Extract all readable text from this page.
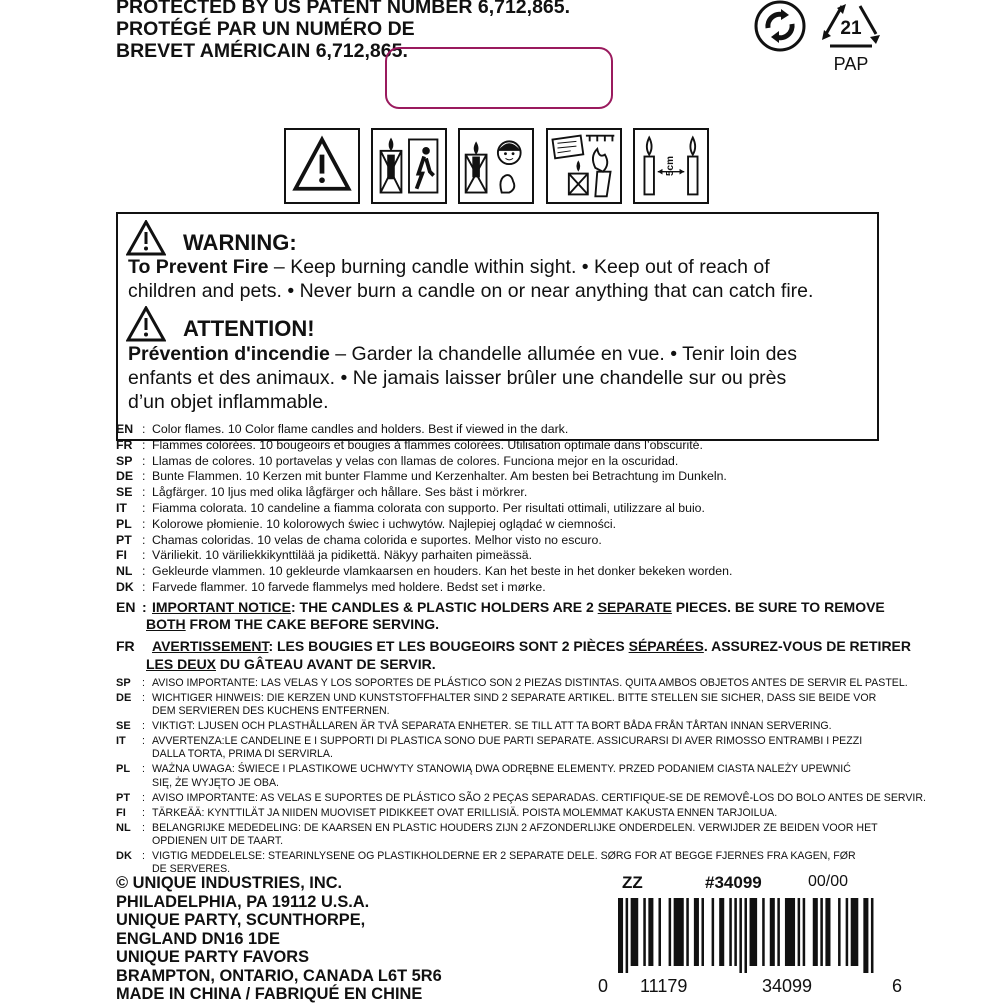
PROTECTED BY US PATENT NUMBER 6,712,865.
PROTÉGÉ PAR UN NUMÉRO DE
BREVET AMÉRICAIN 6,712,865.
21
PAP
5cm
WARNING:
To Prevent Fire – Keep burning candle within sight. • Keep out of reach of
children and pets. • Never burn a candle on or near anything that can catch fire.
ATTENTION!
Prévention d'incendie – Garder la chandelle allumée en vue. • Tenir loin des
enfants et des animaux. • Ne jamais laisser brûler une chandelle sur ou près
d’un objet inflammable.
EN : Color flames. 10 Color flame candles and holders. Best if viewed in the dark.
FR : Flammes colorées. 10 bougeoirs et bougies à flammes colorées. Utilisation optimale dans l’obscurité.
SP : Llamas de colores. 10 portavelas y velas con llamas de colores. Funciona mejor en la oscuridad.
DE : Bunte Flammen. 10 Kerzen mit bunter Flamme und Kerzenhalter. Am besten bei Betrachtung im Dunkeln.
SE : Lågfärger. 10 ljus med olika lågfärger och hållare. Ses bäst i mörkrer.
IT : Fiamma colorata. 10 candeline a fiamma colorata con supporto. Per risultati ottimali, utilizzare al buio.
PL : Kolorowe płomienie. 10 kolorowych świec i uchwytów. Najlepiej oglądać w ciemności.
PT : Chamas coloridas. 10 velas de chama colorida e suportes. Melhor visto no escuro.
FI : Väriliekit. 10 väriliekkikynttilää ja pidikettä. Näkyy parhaiten pimeässä.
NL : Gekleurde vlammen. 10 gekleurde vlamkaarsen en houders. Kan het beste in het donker bekeken worden.
DK : Farvede flammer. 10 farvede flammelys med holdere. Bedst set i mørke.
EN : IMPORTANT NOTICE: THE CANDLES & PLASTIC HOLDERS ARE 2 SEPARATE PIECES. BE SURE TO REMOVE
BOTH FROM THE CAKE BEFORE SERVING.
FR AVERTISSEMENT: LES BOUGIES ET LES BOUGEOIRS SONT 2 PIÈCES SÉPARÉES. ASSUREZ-VOUS DE RETIRER
LES DEUX DU GÂTEAU AVANT DE SERVIR.
SP : AVISO IMPORTANTE: LAS VELAS Y LOS SOPORTES DE PLÁSTICO SON 2 PIEZAS DISTINTAS. QUITA AMBOS OBJETOS ANTES DE SERVIR EL PASTEL.
DE : WICHTIGER HINWEIS: DIE KERZEN UND KUNSTSTOFFHALTER SIND 2 SEPARATE ARTIKEL. BITTE STELLEN SIE SICHER, DASS SIE BEIDE VOR
DEM SERVIEREN DES KUCHENS ENTFERNEN.
SE : VIKTIGT: LJUSEN OCH PLASTHÅLLAREN ÄR TVÅ SEPARATA ENHETER. SE TILL ATT TA BORT BÅDA FRÅN TÅRTAN INNAN SERVERING.
IT : AVVERTENZA:LE CANDELINE E I SUPPORTI DI PLASTICA SONO DUE PARTI SEPARATE. ASSICURARSI DI AVER RIMOSSO ENTRAMBI I PEZZI
DALLA TORTA, PRIMA DI SERVIRLA.
PL : WAŻNA UWAGA: ŚWIECE I PLASTIKOWE UCHWYTY STANOWIĄ DWA ODRĘBNE ELEMENTY. PRZED PODANIEM CIASTA NALEŻY UPEWNIĆ
SIĘ, ŻE WYJĘTO JE OBA.
PT : AVISO IMPORTANTE: AS VELAS E SUPORTES DE PLÁSTICO SÃO 2 PEÇAS SEPARADAS. CERTIFIQUE-SE DE REMOVÊ-LOS DO BOLO ANTES DE SERVIR.
FI : TÄRKEÄÄ: KYNTTILÄT JA NIIDEN MUOVISET PIDIKKEET OVAT ERILLISIÄ. POISTA MOLEMMAT KAKUSTA ENNEN TARJOILUA.
NL : BELANGRIJKE MEDEDELING: DE KAARSEN EN PLASTIC HOUDERS ZIJN 2 AFZONDERLIJKE ONDERDELEN. VERWIJDER ZE BEIDEN VOOR HET
OPDIENEN UIT DE TAART.
DK : VIGTIG MEDDELELSE: STEARINLYSENE OG PLASTIKHOLDERNE ER 2 SEPARATE DELE. SØRG FOR AT BEGGE FJERNES FRA KAGEN, FØR
DE SERVERES.
© UNIQUE INDUSTRIES, INC.
PHILADELPHIA, PA 19112 U.S.A.
UNIQUE PARTY, SCUNTHORPE,
ENGLAND DN16 1DE
UNIQUE PARTY FAVORS
BRAMPTON, ONTARIO, CANADA L6T 5R6
MADE IN CHINA / FABRIQUÉ EN CHINE
ZZ	#34099	00/00
0 11179	34099	6
